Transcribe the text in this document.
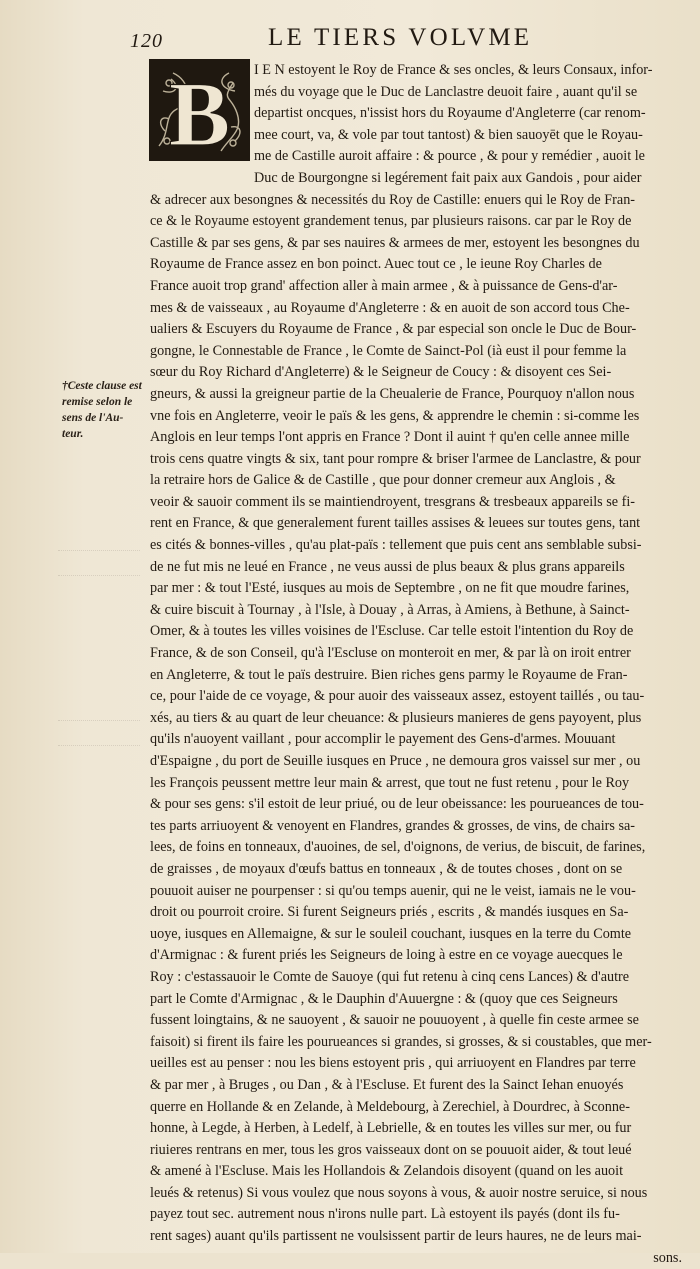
120	LE TIERS VOLVME
B
†Ceste clause est
remise selon le
sens de l'Au-
teur.
I E N estoyent le Roy de France & ses oncles, & leurs Consaux, infor-
més du voyage que le Duc de Lanclastre deuoit faire , auant qu'il se
departist oncques, n'issist hors du Royaume d'Angleterre (car renom-
mee court, va, & vole par tout tantost) & bien sauoyēt que le Royau-
me de Castille auroit affaire : & pource , & pour y remédier , auoit le
Duc de Bourgongne si legérement fait paix aux Gandois , pour aider
& adrecer aux besongnes & necessités du Roy de Castille: enuers qui le Roy de Fran-
ce & le Royaume estoyent grandement tenus, par plusieurs raisons. car par le Roy de
Castille & par ses gens, & par ses nauires & armees de mer, estoyent les besongnes du
Royaume de France assez en bon poinct. Auec tout ce , le ieune Roy Charles de
France auoit trop grand' affection aller à main armee , & à puissance de Gens-d'ar-
mes & de vaisseaux , au Royaume d'Angleterre : & en auoit de son accord tous Che-
ualiers & Escuyers du Royaume de France , & par especial son oncle le Duc de Bour-
gongne, le Connestable de France , le Comte de Sainct-Pol (ià eust il pour femme la
sœur du Roy Richard d'Angleterre) & le Seigneur de Coucy : & disoyent ces Sei-
gneurs, & aussi la greigneur partie de la Cheualerie de France, Pourquoy n'allon nous
vne fois en Angleterre, veoir le païs & les gens, & apprendre le chemin : si-comme les
Anglois en leur temps l'ont appris en France ? Dont il auint † qu'en celle annee mille
trois cens quatre vingts & six, tant pour rompre & briser l'armee de Lanclastre, & pour
la retraire hors de Galice & de Castille , que pour donner cremeur aux Anglois , &
veoir & sauoir comment ils se maintiendroyent, tresgrans & tresbeaux appareils se fi-
rent en France, & que generalement furent tailles assises & leuees sur toutes gens, tant
es cités & bonnes-villes , qu'au plat-païs : tellement que puis cent ans semblable subsi-
de ne fut mis ne leué en France , ne veus aussi de plus beaux & plus grans appareils
par mer : & tout l'Esté, iusques au mois de Septembre , on ne fit que moudre farines,
& cuire biscuit à Tournay , à l'Isle, à Douay , à Arras, à Amiens, à Bethune, à Sainct-
Omer, & à toutes les villes voisines de l'Escluse. Car telle estoit l'intention du Roy de
France, & de son Conseil, qu'à l'Escluse on monteroit en mer, & par là on iroit entrer
en Angleterre, & tout le païs destruire. Bien riches gens parmy le Royaume de Fran-
ce, pour l'aide de ce voyage, & pour auoir des vaisseaux assez, estoyent taillés , ou tau-
xés, au tiers & au quart de leur cheuance: & plusieurs manieres de gens payoyent, plus
qu'ils n'auoyent vaillant , pour accomplir le payement des Gens-d'armes. Mouuant
d'Espaigne , du port de Seuille iusques en Pruce , ne demoura gros vaissel sur mer , ou
les François peussent mettre leur main & arrest, que tout ne fust retenu , pour le Roy
& pour ses gens: s'il estoit de leur priué, ou de leur obeissance: les pourueances de tou-
tes parts arriuoyent & venoyent en Flandres, grandes & grosses, de vins, de chairs sa-
lees, de foins en tonneaux, d'auoines, de sel, d'oignons, de verius, de biscuit, de farines,
de graisses , de moyaux d'œufs battus en tonneaux , & de toutes choses , dont on se
pouuoit auiser ne pourpenser : si qu'ou temps auenir, qui ne le veist, iamais ne le vou-
droit ou pourroit croire. Si furent Seigneurs priés , escrits , & mandés iusques en Sa-
uoye, iusques en Allemaigne, & sur le souleil couchant, iusques en la terre du Comte
d'Armignac : & furent priés les Seigneurs de loing à estre en ce voyage auecques le
Roy : c'estassauoir le Comte de Sauoye (qui fut retenu à cinq cens Lances) & d'autre
part le Comte d'Armignac , & le Dauphin d'Auuergne : & (quoy que ces Seigneurs
fussent loingtains, & ne sauoyent , & sauoir ne pouuoyent , à quelle fin ceste armee se
faisoit) si firent ils faire les pourueances si grandes, si grosses, & si coustables, que mer-
ueilles est au penser : nou les biens estoyent pris , qui arriuoyent en Flandres par terre
& par mer , à Bruges , ou Dan , & à l'Escluse. Et furent des la Sainct Iehan enuoyés
querre en Hollande & en Zelande, à Meldebourg, à Zerechiel, à Dourdrec, à Sconne-
honne, à Legde, à Herben, à Ledelf, à Lebrielle, & en toutes les villes sur mer, ou fur
riuieres rentrans en mer, tous les gros vaisseaux dont on se pouuoit aider, & tout leué
& amené à l'Escluse. Mais les Hollandois & Zelandois disoyent (quand on les auoit
leués & retenus) Si vous voulez que nous soyons à vous, & auoir nostre seruice, si nous
payez tout sec. autrement nous n'irons nulle part. Là estoyent ils payés (dont ils fu-
rent sages) auant qu'ils partissent ne voulsissent partir de leurs haures, ne de leurs mai-
sons.
